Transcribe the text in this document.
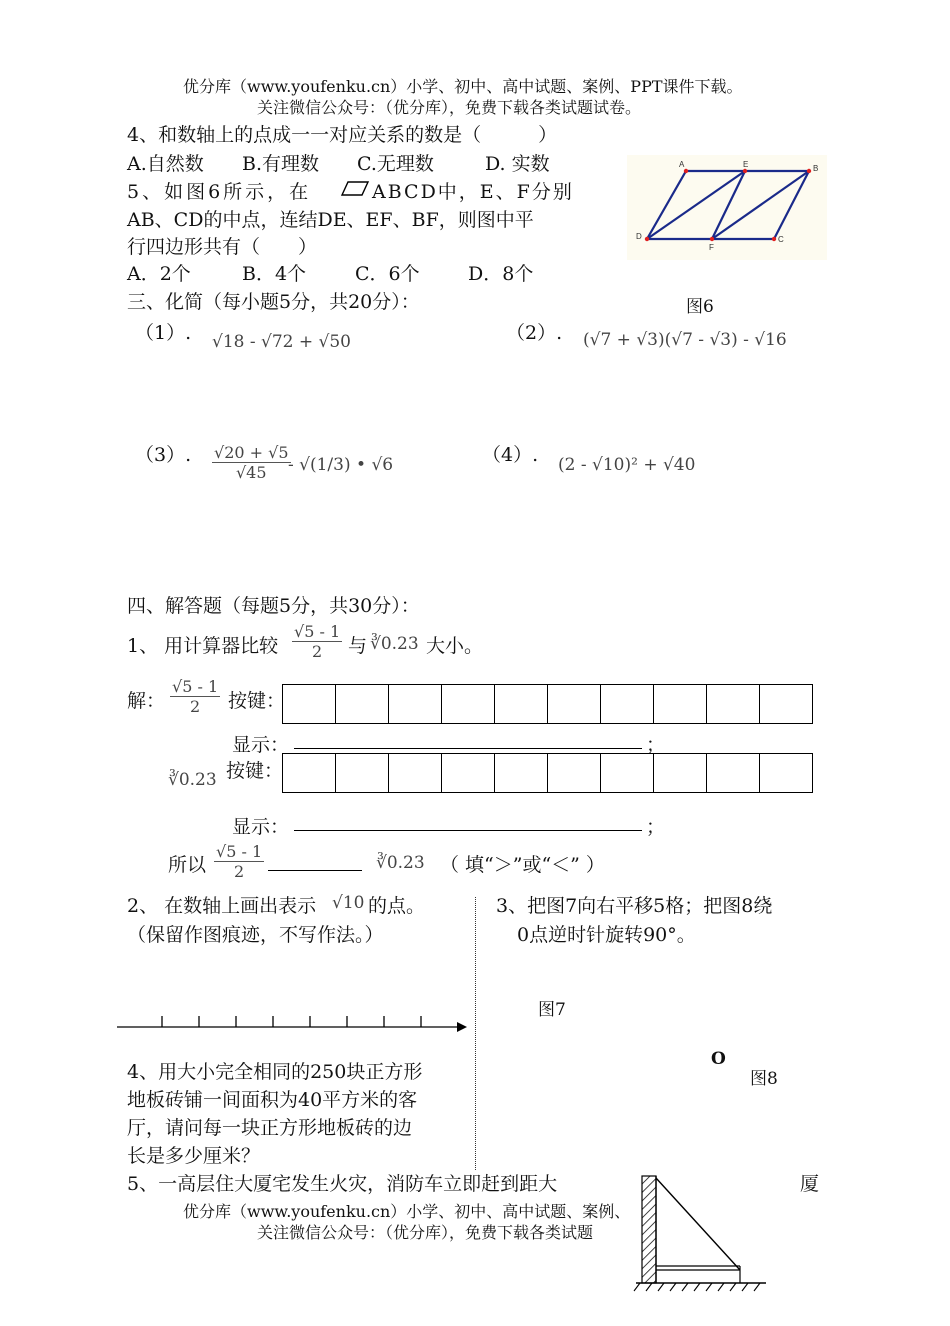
优分库（www.youfenku.cn）小学、初中、高中试题、案例、PPT课件下载。
关注微信公众号：（优分库），免费下载各类试题试卷。
4、和数轴上的点成一一对应关系的数是（　　　）
A.自然数 B.有理数 C.无理数	D. 实数
5、如图6所示，在	ABCD中，E、F分别
AB、CD的中点，连结DE、EF、BF，则图中平
行四边形共有（　　）
A．2个	B．4个	C．6个	D．8个
A	E	B
D
F
C
图6
三、化简（每小题5分，共20分）：
（1）. √18 - √72 + √50	（2）. (√7 + √3)(√7 - √3) - √16
（3）. √20 + √5
√45	- √(1/3) • √6	（4）. (2 - √10)² + √40
四、解答题（每题5分，共30分）：
1、 用计算器比较
√5 - 1
2	与 ∛0.23 大小。
解：
√5 - 1
2	按键：
显示：	；
∛0.23 按键：
显示：	；
所以
√5 - 1
2	∛0.23 （ 填“＞”或“＜” ）
2、 在数轴上画出表示 √10 的点。
（保留作图痕迹，不写作法。）
3、把图7向右平移5格；把图8绕
0点逆时针旋转90°。
图7
O
图8
4、用大小完全相同的250块正方形
地板砖铺一间面积为40平方米的客
厅，请问每一块正方形地板砖的边
长是多少厘米？
5、一高层住大厦宅发生火灾，消防车立即赶到距大	厦
优分库（www.youfenku.cn）小学、初中、高中试题、案例、
关注微信公众号：（优分库），免费下载各类试题
